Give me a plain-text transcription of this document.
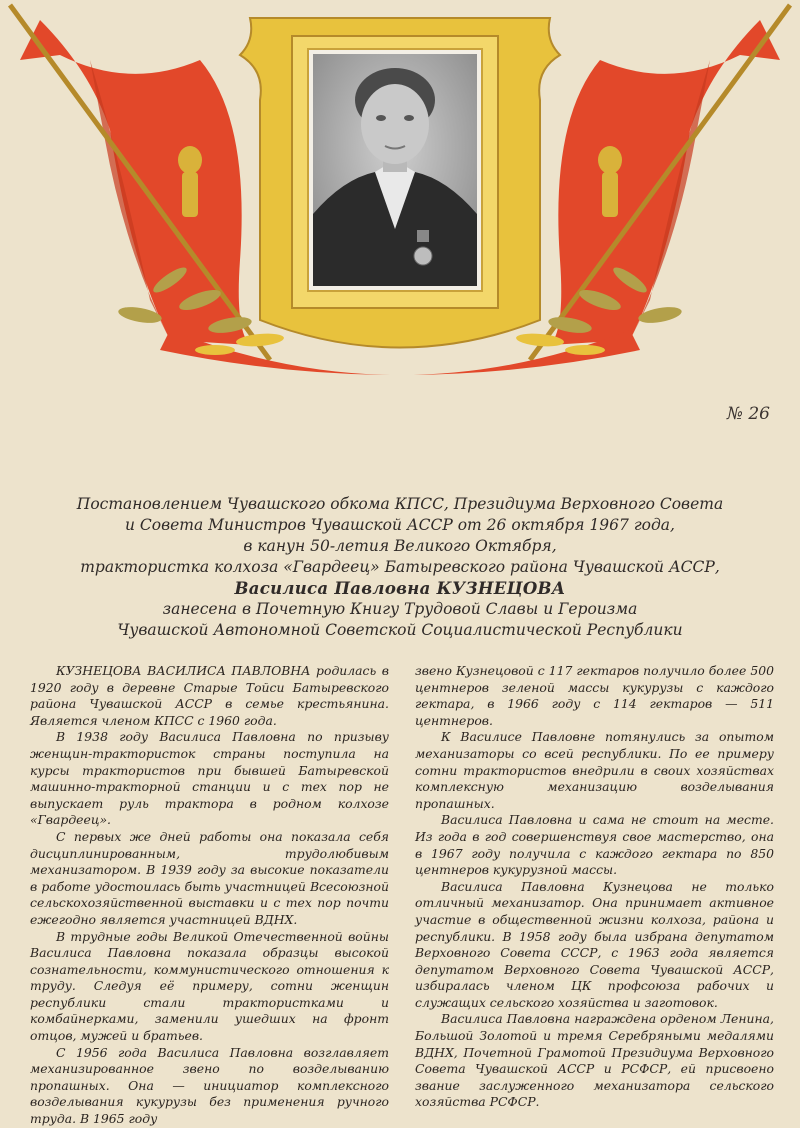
№ 26
Постановлением Чувашского обкома КПСС, Президиума Верховного Совета
и Совета Министров Чувашской АССР от 26 октября 1967 года,
в канун 50-летия Великого Октября,
трактористка колхоза «Гвардеец» Батыревского района Чувашской АССР,
Василиса Павловна КУЗНЕЦОВА
занесена в Почетную Книгу Трудовой Славы и Героизма
Чувашской Автономной Советской Социалистической Республики

КУЗНЕЦОВА ВАСИЛИСА ПАВЛОВНА родилась в 1920 году в деревне Старые Тойси Батыревского района Чувашской АССР в семье крестьянина. Является членом КПСС с 1960 года.

В 1938 году Василиса Павловна по призыву женщин-трактористок страны поступила на курсы трактористов при бывшей Батыревской машинно-тракторной станции и с тех пор не выпускает руль трактора в родном колхозе «Гвардеец».

С первых же дней работы она показала себя дисциплинированным, трудолюбивым механизатором. В 1939 году за высокие показатели в работе удостоилась быть участницей Всесоюзной сельскохозяйственной выставки и с тех пор почти ежегодно является участницей ВДНХ.

В трудные годы Великой Отечественной войны Василиса Павловна показала образцы высокой сознательности, коммунистического отношения к труду. Следуя её примеру, сотни женщин республики стали трактористками и комбайнерками, заменили ушедших на фронт отцов, мужей и братьев.

С 1956 года Василиса Павловна возглавляет механизированное звено по возделыванию пропашных. Она — инициатор комплексного возделывания кукурузы без применения ручного труда. В 1965 году

звено Кузнецовой с 117 гектаров получило более 500 центнеров зеленой массы кукурузы с каждого гектара, в 1966 году с 114 гектаров — 511 центнеров.

К Василисе Павловне потянулись за опытом механизаторы со всей республики. По ее примеру сотни трактористов внедрили в своих хозяйствах комплексную механизацию возделывания пропашных.

Василиса Павловна и сама не стоит на месте. Из года в год совершенствуя свое мастерство, она в 1967 году получила с каждого гектара по 850 центнеров кукурузной массы.

Василиса Павловна Кузнецова не только отличный механизатор. Она принимает активное участие в общественной жизни колхоза, района и республики. В 1958 году была избрана депутатом Верховного Совета СССР, с 1963 года является депутатом Верховного Совета Чувашской АССР, избиралась членом ЦК профсоюза рабочих и служащих сельского хозяйства и заготовок.

Василиса Павловна награждена орденом Ленина, Большой Золотой и тремя Серебряными медалями ВДНХ, Почетной Грамотой Президиума Верховного Совета Чувашской АССР и РСФСР, ей присвоено звание заслуженного механизатора сельского хозяйства РСФСР.
